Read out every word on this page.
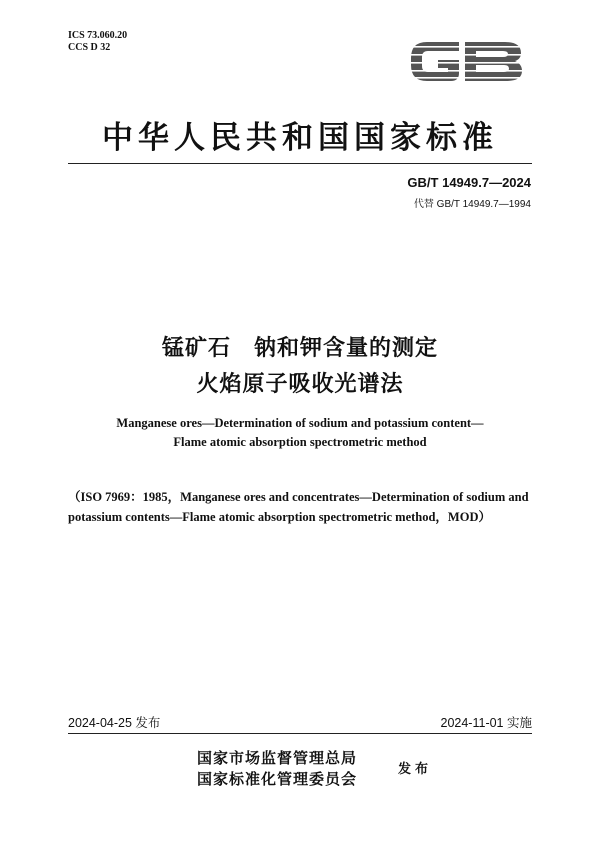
ICS 73.060.20
CCS D 32
中华人民共和国国家标准
GB/T 14949.7—2024
代替 GB/T 14949.7—1994
锰矿石　钠和钾含量的测定
火焰原子吸收光谱法
Manganese ores—Determination of sodium and potassium content—
Flame atomic absorption spectrometric method
（ISO 7969：1985，Manganese ores and concentrates—Determination of sodium and
potassium contents—Flame atomic absorption spectrometric method，MOD）
2024-04-25 发布	2024-11-01 实施
国家市场监督管理总局
国家标准化管理委员会
发布
